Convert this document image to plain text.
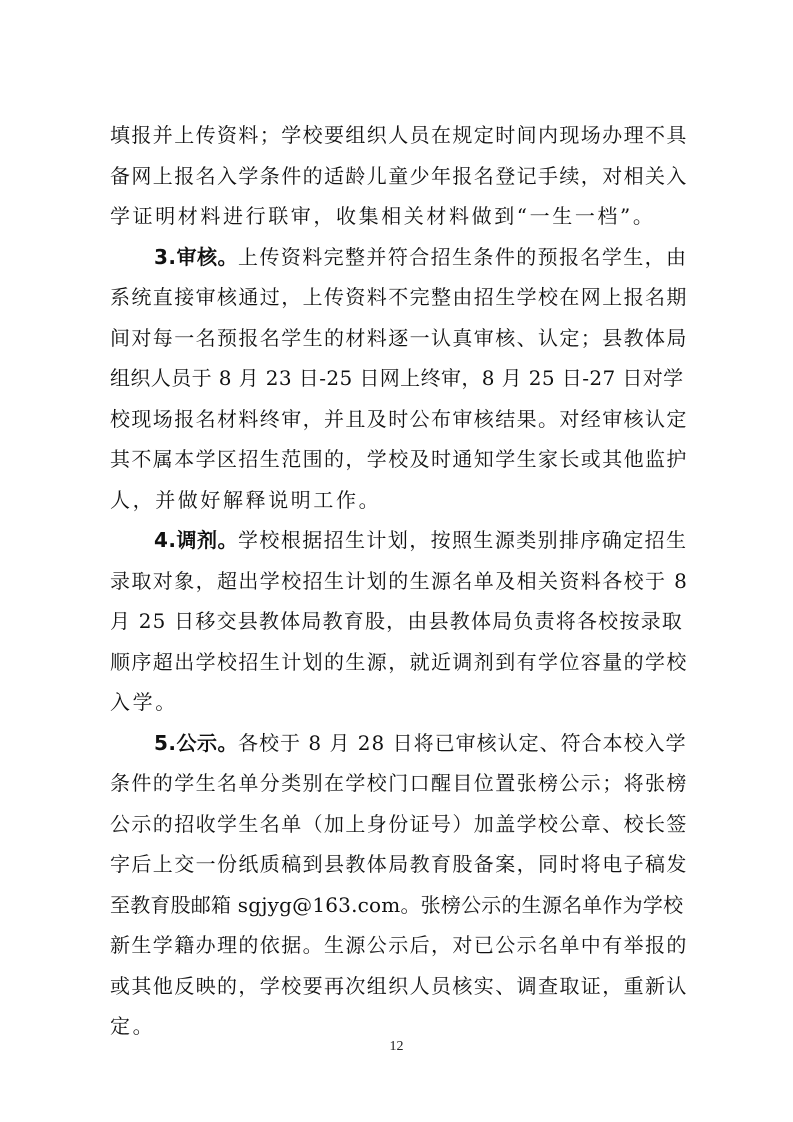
填报并上传资料；学校要组织人员在规定时间内现场办理不具
备网上报名入学条件的适龄儿童少年报名登记手续，对相关入
学证明材料进行联审，收集相关材料做到“一生一档”。
3.审核。上传资料完整并符合招生条件的预报名学生，由
系统直接审核通过，上传资料不完整由招生学校在网上报名期
间对每一名预报名学生的材料逐一认真审核、认定；县教体局
组织人员于 8 月 23 日-25 日网上终审，8 月 25 日-27 日对学
校现场报名材料终审，并且及时公布审核结果。对经审核认定
其不属本学区招生范围的，学校及时通知学生家长或其他监护
人，并做好解释说明工作。
4.调剂。学校根据招生计划，按照生源类别排序确定招生
录取对象，超出学校招生计划的生源名单及相关资料各校于 8
月 25 日移交县教体局教育股，由县教体局负责将各校按录取
顺序超出学校招生计划的生源，就近调剂到有学位容量的学校
入学。
5.公示。各校于 8 月 28 日将已审核认定、符合本校入学
条件的学生名单分类别在学校门口醒目位置张榜公示；将张榜
公示的招收学生名单（加上身份证号）加盖学校公章、校长签
字后上交一份纸质稿到县教体局教育股备案，同时将电子稿发
至教育股邮箱 sgjyg@163.com。张榜公示的生源名单作为学校
新生学籍办理的依据。生源公示后，对已公示名单中有举报的
或其他反映的，学校要再次组织人员核实、调查取证，重新认
定。
12
